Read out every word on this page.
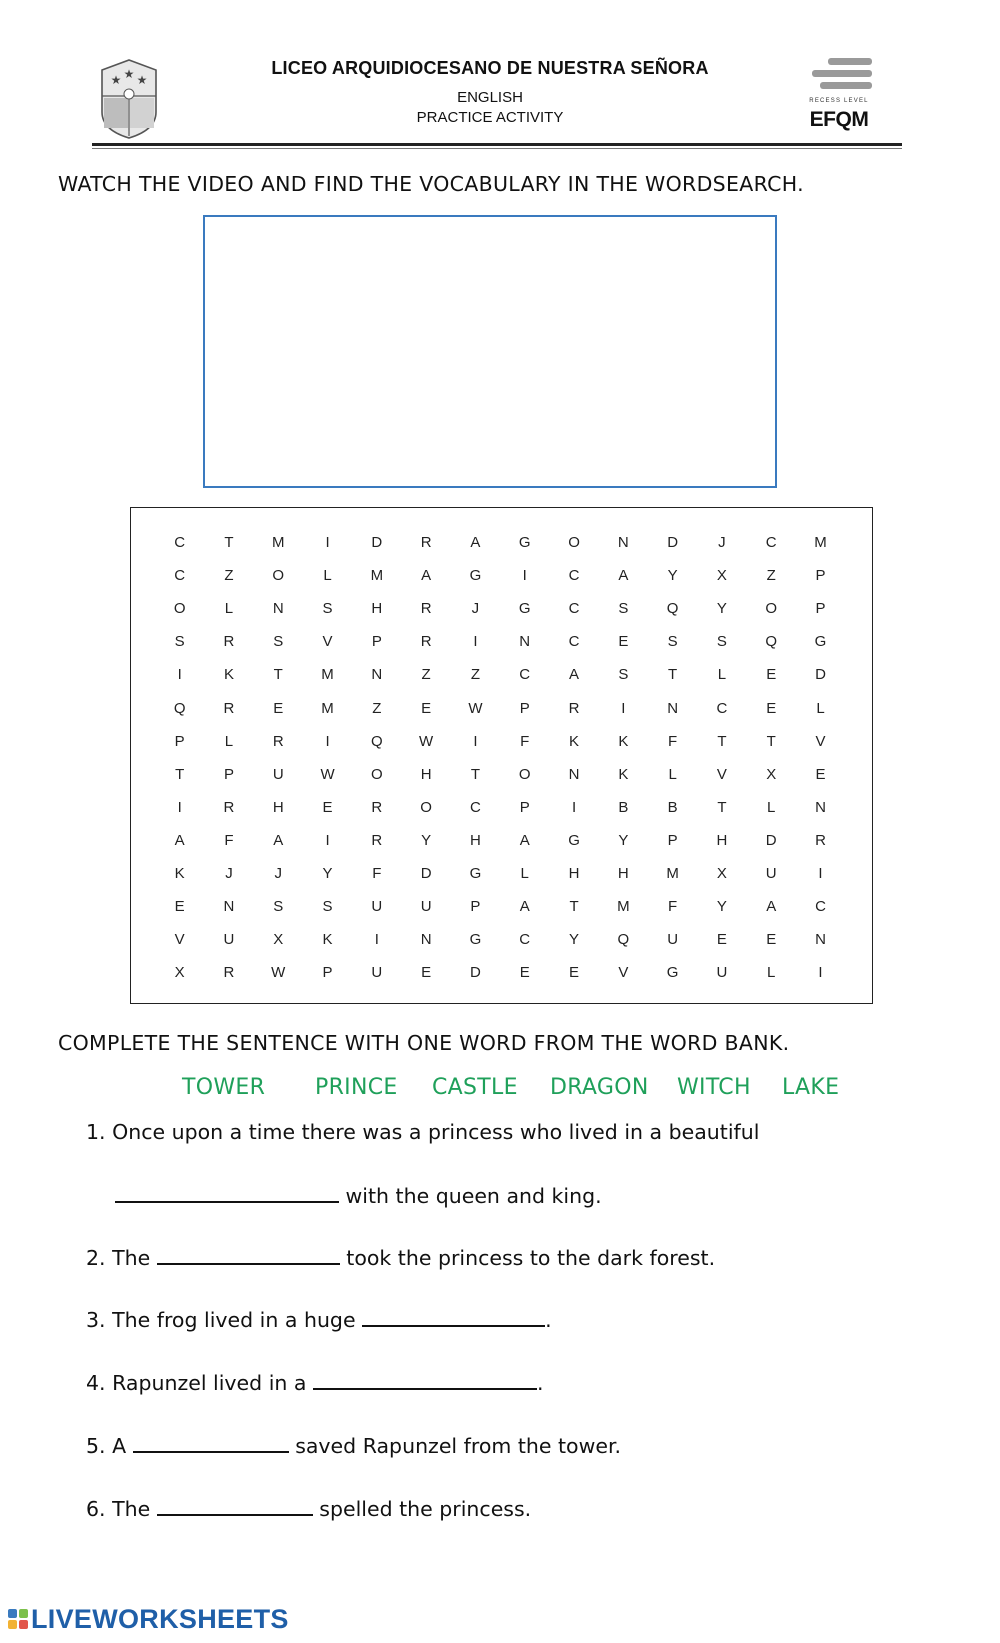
★ ★ ★
LICEO ARQUIDIOCESANO DE NUESTRA SEÑORA
ENGLISH
PRACTICE ACTIVITY
RECESS LEVEL
EFQM
WATCH THE VIDEO AND FIND THE VOCABULARY IN THE WORDSEARCH.
C	T	M	I	D	R	A	G	O	N	D	J	C	M
C	Z	O	L	M	A	G	I	C	A	Y	X	Z	P
O	L	N	S	H	R	J	G	C	S	Q	Y	O	P
S	R	S	V	P	R	I	N	C	E	S	S	Q	G
I	K	T	M	N	Z	Z	C	A	S	T	L	E	D
Q	R	E	M	Z	E	W	P	R	I	N	C	E	L
P	L	R	I	Q	W	I	F	K	K	F	T	T	V
T	P	U	W	O	H	T	O	N	K	L	V	X	E
I	R	H	E	R	O	C	P	I	B	B	T	L	N
A	F	A	I	R	Y	H	A	G	Y	P	H	D	R
K	J	J	Y	F	D	G	L	H	H	M	X	U	I
E	N	S	S	U	U	P	A	T	M	F	Y	A	C
V	U	X	K	I	N	G	C	Y	Q	U	E	E	N
X	R	W	P	U	E	D	E	E	V	G	U	L	I
COMPLETE THE SENTENCE WITH ONE WORD FROM THE WORD BANK.
TOWER PRINCE CASTLE DRAGON WITCH LAKE
1. Once upon a time there was a princess who lived in a beautiful
with the queen and king.
2. The	took the princess to the dark forest.
3. The frog lived in a huge	.
4. Rapunzel lived in a	.
5. A	saved Rapunzel from the tower.
6. The	spelled the princess.
LIVEWORKSHEETS
